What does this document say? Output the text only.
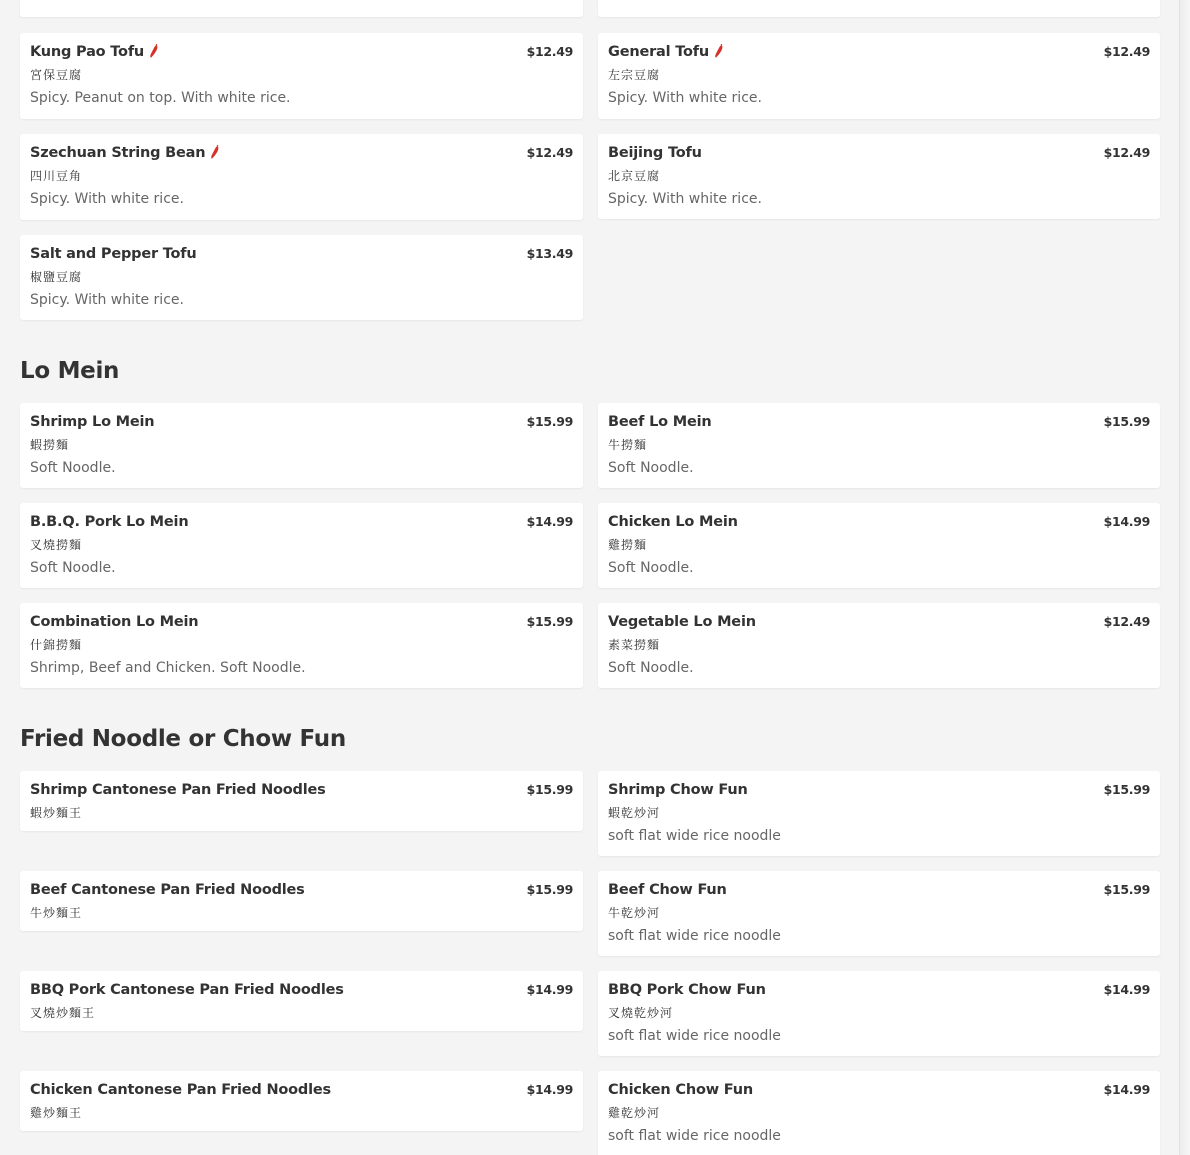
Kung Pao Tofu	$12.49
宮保豆腐
Spicy. Peanut on top. With white rice.
General Tofu	$12.49
左宗豆腐
Spicy. With white rice.
Szechuan String Bean	$12.49
四川豆角
Spicy. With white rice.
Beijing Tofu	$12.49
北京豆腐
Spicy. With white rice.
Salt and Pepper Tofu	$13.49
椒鹽豆腐
Spicy. With white rice.
Lo Mein
Shrimp Lo Mein	$15.99
蝦撈麵
Soft Noodle.
Beef Lo Mein	$15.99
牛撈麵
Soft Noodle.
B.B.Q. Pork Lo Mein	$14.99
叉燒撈麵
Soft Noodle.
Chicken Lo Mein	$14.99
雞撈麵
Soft Noodle.
Combination Lo Mein	$15.99
什錦撈麵
Shrimp, Beef and Chicken. Soft Noodle.
Vegetable Lo Mein	$12.49
素菜撈麵
Soft Noodle.
Fried Noodle or Chow Fun
Shrimp Cantonese Pan Fried Noodles	$15.99
蝦炒麵王
Shrimp Chow Fun	$15.99
蝦乾炒河
soft flat wide rice noodle
Beef Cantonese Pan Fried Noodles	$15.99
牛炒麵王
Beef Chow Fun	$15.99
牛乾炒河
soft flat wide rice noodle
BBQ Pork Cantonese Pan Fried Noodles	$14.99
叉燒炒麵王
BBQ Pork Chow Fun	$14.99
叉燒乾炒河
soft flat wide rice noodle
Chicken Cantonese Pan Fried Noodles	$14.99
雞炒麵王
Chicken Chow Fun	$14.99
雞乾炒河
soft flat wide rice noodle
